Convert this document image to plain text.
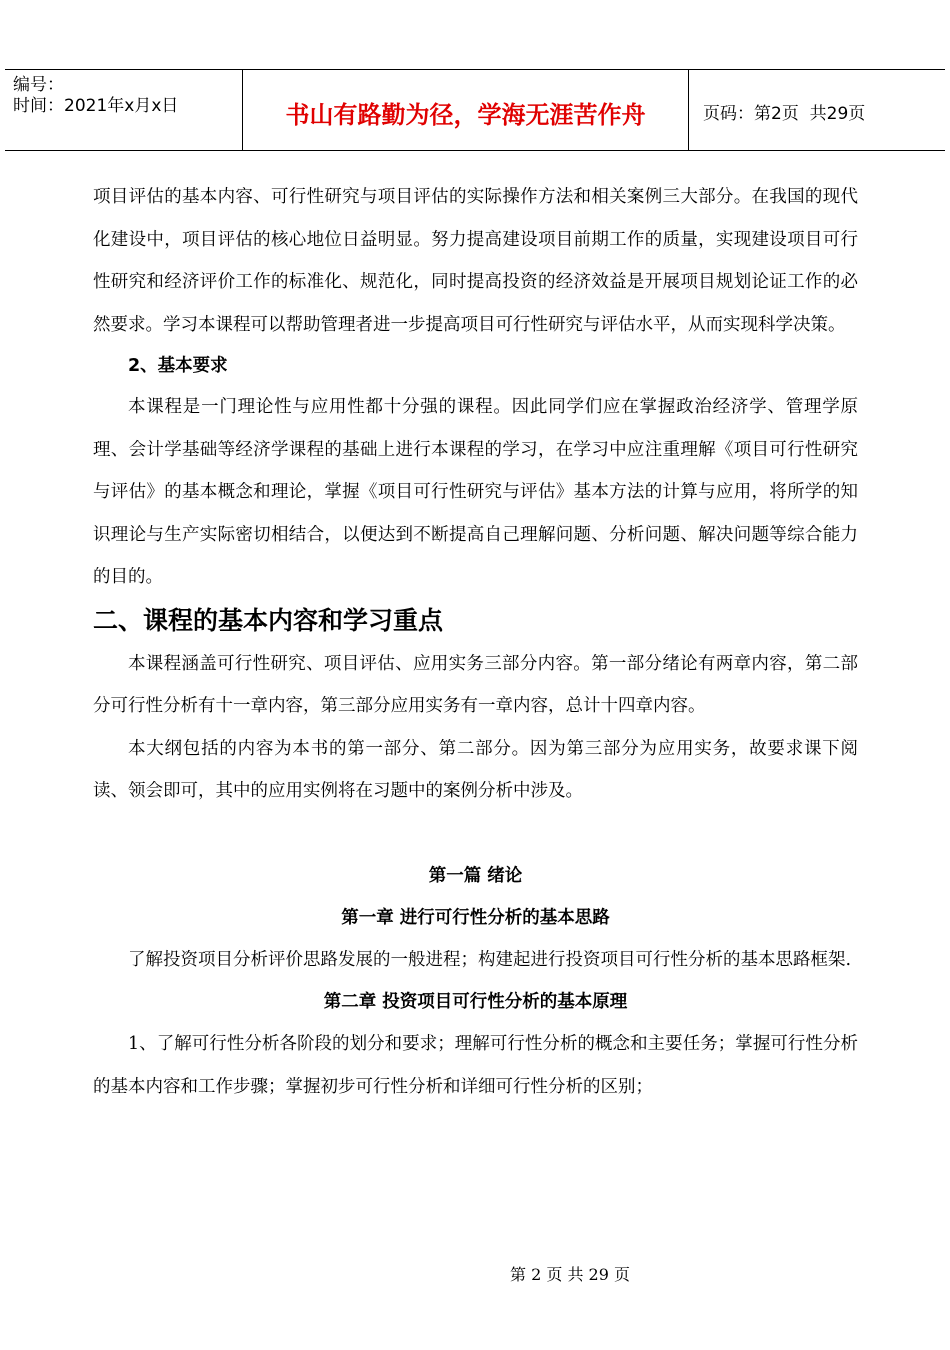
编号：
时间：2021年x月x日	书山有路勤为径，学海无涯苦作舟	页码：第2页  共29页

项目评估的基本内容、可行性研究与项目评估的实际操作方法和相关案例三大部分。在我国的现代化建设中，项目评估的核心地位日益明显。努力提高建设项目前期工作的质量，实现建设项目可行性研究和经济评价工作的标准化、规范化，同时提高投资的经济效益是开展项目规划论证工作的必然要求。学习本课程可以帮助管理者进一步提高项目可行性研究与评估水平，从而实现科学决策。

2、基本要求

本课程是一门理论性与应用性都十分强的课程。因此同学们应在掌握政治经济学、管理学原理、会计学基础等经济学课程的基础上进行本课程的学习，在学习中应注重理解《项目可行性研究与评估》的基本概念和理论，掌握《项目可行性研究与评估》基本方法的计算与应用，将所学的知识理论与生产实际密切相结合，以便达到不断提高自己理解问题、分析问题、解决问题等综合能力的目的。

二、课程的基本内容和学习重点

本课程涵盖可行性研究、项目评估、应用实务三部分内容。第一部分绪论有两章内容，第二部分可行性分析有十一章内容，第三部分应用实务有一章内容，总计十四章内容。

本大纲包括的内容为本书的第一部分、第二部分。因为第三部分为应用实务，故要求课下阅读、领会即可，其中的应用实例将在习题中的案例分析中涉及。

第一篇 绪论

第一章 进行可行性分析的基本思路

了解投资项目分析评价思路发展的一般进程；构建起进行投资项目可行性分析的基本思路框架.

第二章 投资项目可行性分析的基本原理

1、了解可行性分析各阶段的划分和要求；理解可行性分析的概念和主要任务；掌握可行性分析的基本内容和工作步骤；掌握初步可行性分析和详细可行性分析的区别；

第 2 页 共 29 页
